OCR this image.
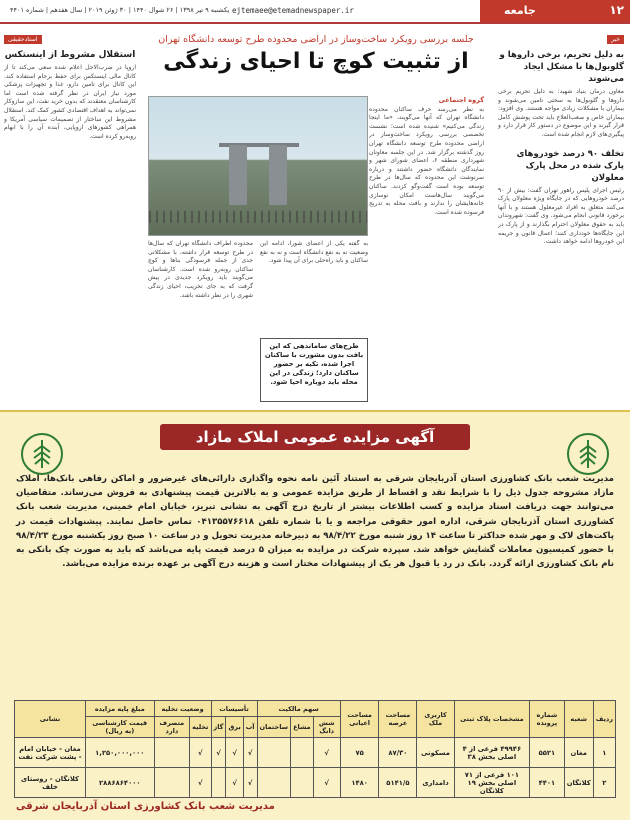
۱۲
جامعه
ejtemaee@etemadnewspaper.ir
یکشنبه ۹ تیر ۱۳۹۸ | ۲۶ شوال ۱۴۴۰ | ۳۰ ژوئن ۲۰۱۹ | سال هفدهم | شماره ۴۴۰۱
خبر
به دلیل تحریم، برخی داروها و گلوبول‌ها با مشکل ایجاد می‌شوند
معاون درمان بنیاد شهید: به دلیل تحریم برخی داروها و گلوبول‌ها به سختی تامین می‌شوند و بیماران با مشکلات زیادی مواجه هستند. وی افزود: بیماران خاص و صعب‌العلاج باید تحت پوشش کامل قرار گیرند و این موضوع در دستور کار قرار دارد و پیگیری‌های لازم انجام شده است.
تخلف ۹۰ درصد خودروهای پارک شده در محل پارک معلولان
رئیس اجرای پلیس راهور تهران گفت: بیش از ۹۰ درصد خودروهایی که در جایگاه ویژه معلولان پارک می‌کنند متعلق به افراد غیرمعلول هستند و با آنها برخورد قانونی انجام می‌شود. وی گفت: شهروندان باید به حقوق معلولان احترام بگذارند و از پارک در این جایگاه‌ها خودداری کنند؛ اعمال قانون و جریمه این خودروها ادامه خواهد داشت.
جلسه بررسی رویکرد ساخت‌وساز در اراضی محدوده طرح توسعه دانشگاه تهران
از تثبیت کوچ تا احیای زندگی
گروه اجتماعی
به نظر می‌رسد حرف ساکنان محدوده دانشگاه تهران که آنها می‌گویند، «ما اینجا زندگی می‌کنیم» شنیده شده است؛ نشست تخصصی بررسی رویکرد ساخت‌وساز در اراضی محدوده طرح توسعه دانشگاه تهران روز گذشته برگزار شد. در این جلسه معاونان شهرداری منطقه ۶، اعضای شورای شهر و نمایندگان دانشگاه حضور داشتند و درباره سرنوشت این محدوده که سال‌ها در طرح توسعه بوده است گفت‌وگو کردند. ساکنان می‌گویند سال‌هاست امکان نوسازی خانه‌هایشان را ندارند و بافت محله به تدریج فرسوده شده است.
محدوده اطراف دانشگاه تهران که سال‌ها در طرح توسعه قرار داشته، با مشکلاتی جدی از جمله فرسودگی بناها و کوچ ساکنان روبه‌رو شده است. کارشناسان می‌گویند باید رویکرد جدیدی در پیش گرفت که به جای تخریب، احیای زندگی شهری را در نظر داشته باشد.
به گفته یکی از اعضای شورا، ادامه این وضعیت نه به نفع دانشگاه است و نه به نفع ساکنان و باید راه‌حلی برای آن پیدا شود.
طرح‌های ساماندهی که این بافت بدون مشورت با ساکنان اجرا شده، تکیه بر حضور ساکنان دارد؛ زندگی در این محله باید دوباره احیا شود.
استادحقیقی
استقلال مشروط از اینستکس
اروپا در ضرب‌الاجل اعلام شده سعی می‌کند تا از کانال مالی اینستکس برای حفظ برجام استفاده کند. این کانال برای تامین دارو، غذا و تجهیزات پزشکی مورد نیاز ایران در نظر گرفته شده است اما کارشناسان معتقدند که بدون خرید نفت، این سازوکار نمی‌تواند به اهداف اقتصادی کشور کمک کند. استقلال مشروط این ساختار از تصمیمات سیاسی آمریکا و همراهی کشورهای اروپایی، آینده آن را با ابهام روبه‌رو کرده است.
آگهی مزایده عمومی املاک مازاد
مدیریت شعب بانک کشاورزی استان آذربایجان شرقی به استناد آئین نامه نحوه واگذاری دارائی‌های غیرضرور و اماکن رفاهی بانک‌ها، املاک مازاد مشروحه جدول ذیل را با شرایط نقد و اقساط از طریق مزایده عمومی و به بالاترین قیمت پیشنهادی به فروش می‌رساند. متقاضیان می‌توانند جهت دریافت اسناد مزایده و کسب اطلاعات بیشتر از تاریخ درج آگهی به نشانی تبریز، خیابان امام خمینی، مدیریت شعب بانک کشاورزی استان آذربایجان شرقی، اداره امور حقوقی مراجعه و یا با شماره تلفن ۰۴۱۳۵۵۷۶۶۱۸ تماس حاصل نمایند. پیشنهادات قیمت در پاکت‌های لاک و مهر شده حداکثر تا ساعت ۱۴ روز شنبه مورخ ۹۸/۴/۲۲ به دبیرخانه مدیریت تحویل و در ساعت ۱۰ صبح روز یکشنبه مورخ ۹۸/۴/۲۳ با حضور کمیسیون معاملات گشایش خواهد شد. سپرده شرکت در مزایده به میزان ۵ درصد قیمت پایه می‌باشد که باید به صورت چک بانکی به نام بانک کشاورزی ارائه گردد. بانک در رد یا قبول هر یک از پیشنهادات مختار است و هزینه درج آگهی بر عهده برنده مزایده می‌باشد.
ردیف	شعبه	شماره پرونده	مشخصات پلاک ثبتی	کاربری ملک	مساحت عرصه	مساحت اعیانی	سهم مالکیت			تأسیسات			وضعیت تخلیه		مبلغ پایه مزایده	نشانی
							شش دانگ	مشاع	ساختمان	آب	برق	گاز	تخلیه	متصرف دارد	قیمت کارشناسی (به ریال)	
۱	مغان	۵۵۲۱	۴۹۹۴۶ فرعی از ۴ اصلی بخش ۳۸	مسکونی	۸۷/۳۰	۷۵	√			√	√	√	√		۱,۲۵۰,۰۰۰,۰۰۰	مغان - خیابان امام - پشت شرکت نفت
۲	کلانگان	۴۴۰۱	۱۰۱ فرعی از ۷۱ اصلی بخش ۱۹ کلانگان	دامداری	۵۱۴۱/۵	۱۴۸۰	√			√	√		√		۲۸۸۶۸۶۴۰۰۰	کلانگان - روستای خلف
مدیریت شعب بانک کشاورزی استان آذربایجان شرقی
